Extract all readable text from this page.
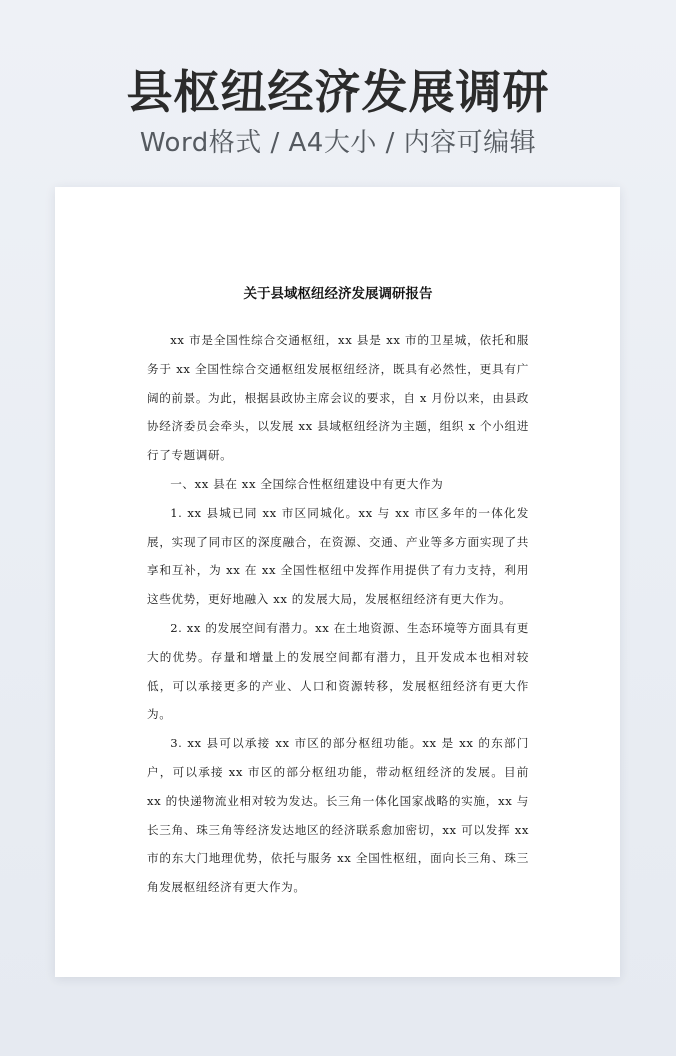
县枢纽经济发展调研
Word格式 / A4大小 / 内容可编辑
关于县域枢纽经济发展调研报告

xx 市是全国性综合交通枢纽，xx 县是 xx 市的卫星城，依托和服务于 xx 全国性综合交通枢纽发展枢纽经济，既具有必然性，更具有广阔的前景。为此，根据县政协主席会议的要求，自 x 月份以来，由县政协经济委员会牵头，以发展 xx 县域枢纽经济为主题，组织 x 个小组进行了专题调研。

一、xx 县在 xx 全国综合性枢纽建设中有更大作为

1. xx 县城已同 xx 市区同城化。xx 与 xx 市区多年的一体化发展，实现了同市区的深度融合，在资源、交通、产业等多方面实现了共享和互补，为 xx 在 xx 全国性枢纽中发挥作用提供了有力支持，利用这些优势，更好地融入 xx 的发展大局，发展枢纽经济有更大作为。

2. xx 的发展空间有潜力。xx 在土地资源、生态环境等方面具有更大的优势。存量和增量上的发展空间都有潜力，且开发成本也相对较低，可以承接更多的产业、人口和资源转移，发展枢纽经济有更大作为。

3. xx 县可以承接 xx 市区的部分枢纽功能。xx 是 xx 的东部门户，可以承接 xx 市区的部分枢纽功能，带动枢纽经济的发展。目前 xx 的快递物流业相对较为发达。长三角一体化国家战略的实施，xx 与长三角、珠三角等经济发达地区的经济联系愈加密切，xx 可以发挥 xx 市的东大门地理优势，依托与服务 xx 全国性枢纽，面向长三角、珠三角发展枢纽经济有更大作为。
